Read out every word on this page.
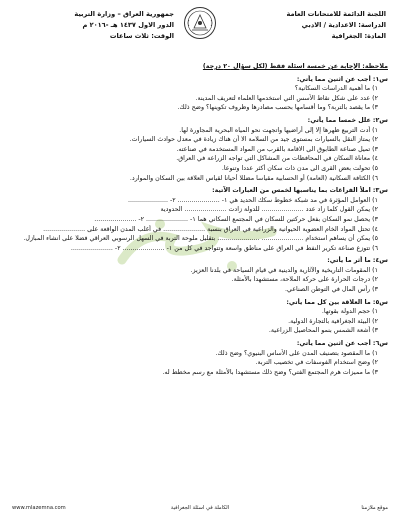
اللجنة الدائمة للامتحانات العامة
الدراسة: الاعدادية / الادبي
المادة: الجغرافية
جمهورية العراق – وزارة التربية
الدور الاول ١٤٣٧ هـ -٢٠١٦ م
الوقت: ثلاث ساعات
ملاحظة: الإجابة عن خمسة اسئلة فقط (لكل سؤال ٢٠ درجة)
س١: أجب عن اثنين مما يأتي:
١) ما أهمية الدراسات السكانية؟
٢) عدد على شكل نقاط الأسس التي استخدمها العلماء لتعريف المدينة.
٣) ما يقصد بالتربة؟ وما أقسامها بحسب مصادرها وظروف تكوينها؟ وضح ذلك.
س٢: علل خمسا مما يأتي:
١) أدت التربيع ظهرها إلا إلى أراضيها واتجهت نحو المياه البحرية المجاورة لها.
٢) يمتاز النقل بالسيارات بمستوى جيد من السلامة الا أن هناك زيادة في معدل حوادث السيارات.
٣) تميل صناعة الطابوق الى الاقامة بالقرب من المواد المستخدمة في صناعته.
٤) معاناة السكان في المحافظات من المشاكل التي تواجه الزراعة في العراق.
٥) تحولت بعض القرى الى مدن ذات سكان أكثر عددا وتنوعا.
٦) الكثافة السكانية (العامة) أو الحسابية مقياسا مضللا أحيانا لقياس العلاقة بين السكان والموارد.
س٣: املأ الفراغات بما يناسبها لخمس من العبارات الآتية:
١) العوامل المؤثرة في مد شبكة خطوط سكك الحديد هي ١- ..................... ٢- ....................
٢) يمكن القول كلما زاد عدد ..................... للدولة زادت ..................... الحدودية
٣) يحصل نمو السكان بفعل حركتين للسكان في المجتمع السكاني هما ١- ..................... ٢- .....................
٤) تحتل المواد الخام العضوية الحيوانية والزراعية في العراق بنسبة ..................... في أغلب المدن الواقعة على .....................
٥) يمكن أن يساهم استخدام ..................... ..................... بتقليل ملوحة التربة في السهل الرسوبي العراقي فضلا على انشاء المبازل.
٦) تتوزع صناعة تكرير النفط في العراق على مناطق واسعة وتتواجد في كل من ١- ..................... ٢- .....................
س٤: ما أثر ما يأتي:
١) المقومات التاريخية والآثارية والدينية في قيام السياحة في بلدنا العزيز.
٢) درجات الحرارة على حركة الملاحة، مستشهدا بالأمثلة.
٣) رأس المال في التوطن الصناعي.
س٥: ما العلاقة بين كل مما يأتي:
١) حجم الدولة بقوتها.
٢) البيئة الجغرافية بالتجارة الدولية.
٣) أشعة الشمس بنمو المحاصيل الزراعية.
س٦: أجب عن اثنين مما يأتي:
١) ما المقصود بتصنيف المدن على الأساس البنيوي؟ وضح ذلك.
٢) وضح استخدام الفوسفات في تخصيب التربة.
٣) ما مميزات هرم المجتمع الفتي؟ وضح ذلك مستشهدا بالأمثلة مع رسم مخطط له.
موقع ملازمنا
الكاملة في اسئلة الجغرافية
www.mlazemna.com
